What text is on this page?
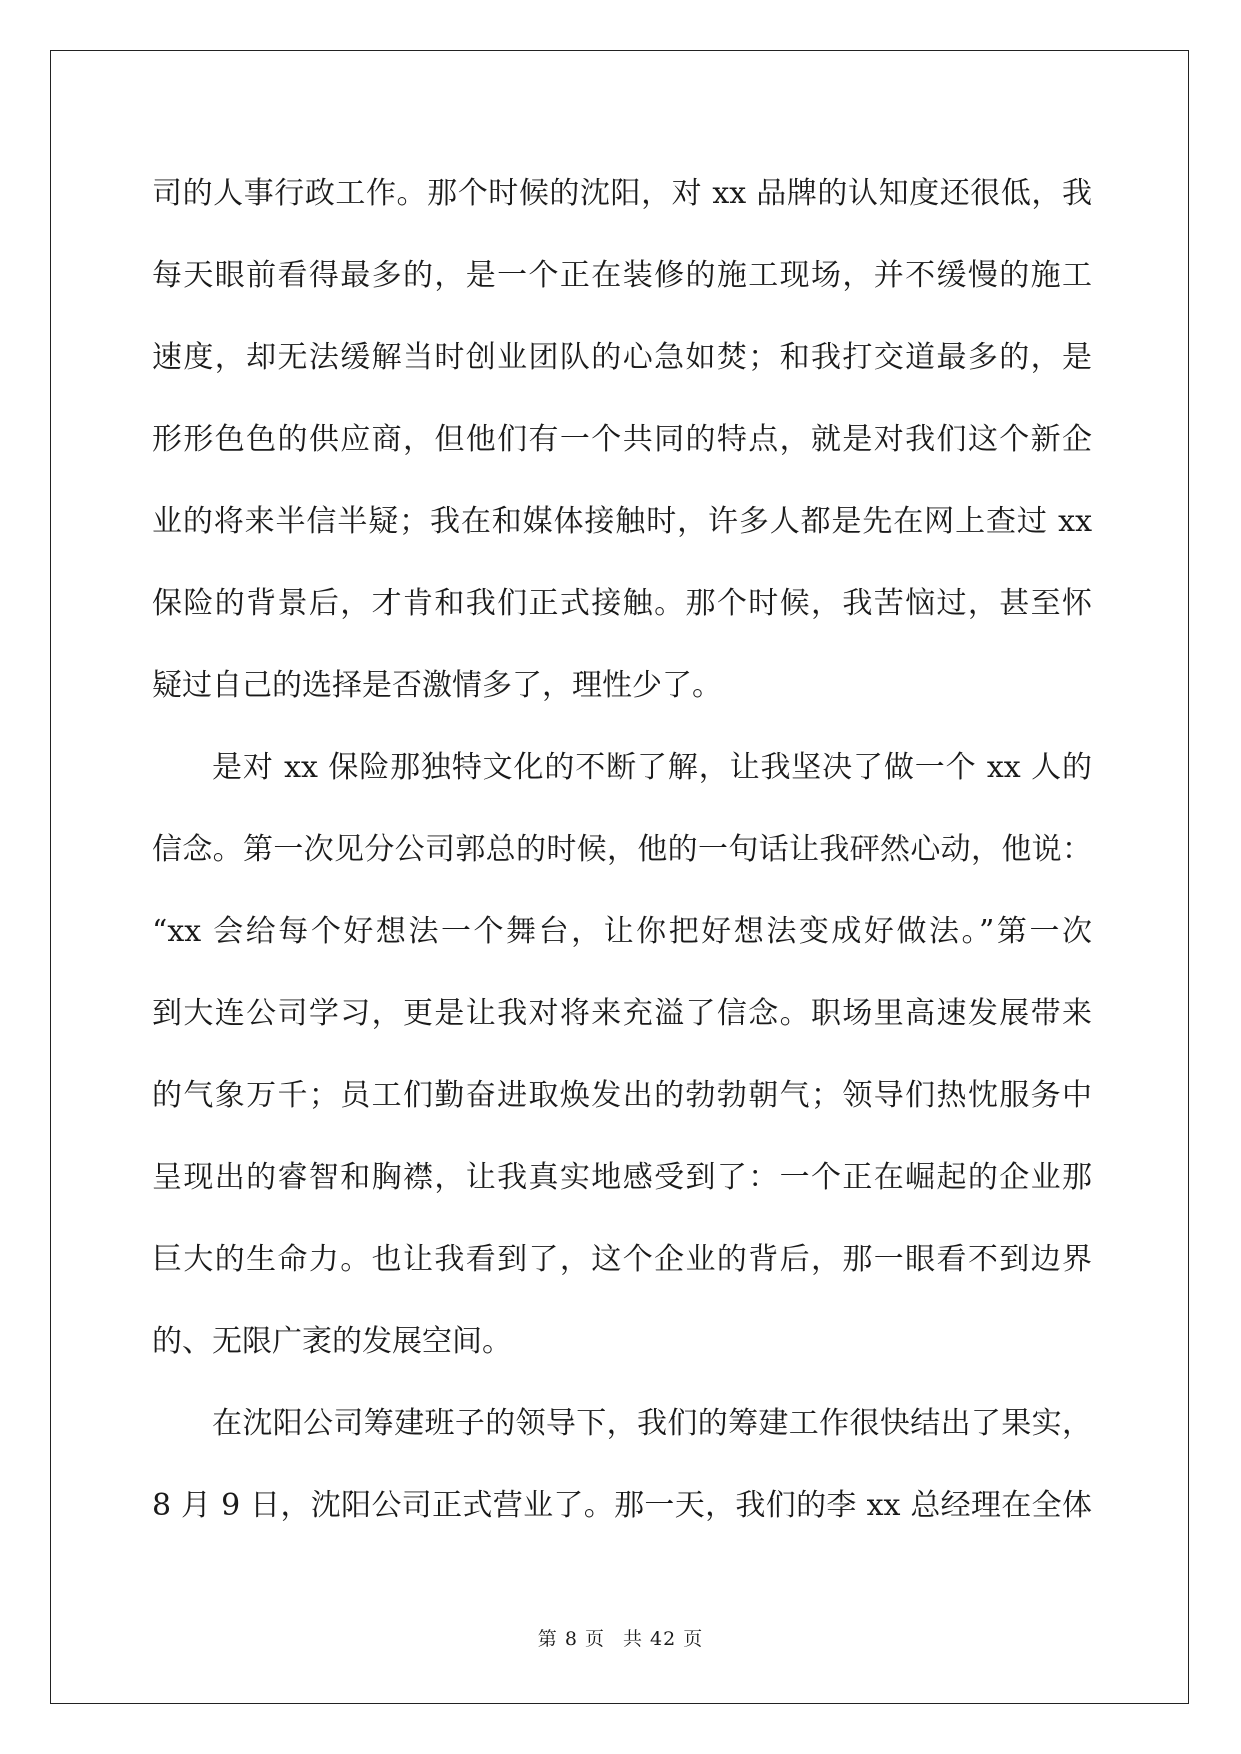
司的人事行政工作。那个时候的沈阳，对 xx 品牌的认知度还很低，我
每天眼前看得最多的，是一个正在装修的施工现场，并不缓慢的施工
速度，却无法缓解当时创业团队的心急如焚；和我打交道最多的，是
形形色色的供应商，但他们有一个共同的特点，就是对我们这个新企
业的将来半信半疑；我在和媒体接触时，许多人都是先在网上查过 xx
保险的背景后，才肯和我们正式接触。那个时候，我苦恼过，甚至怀
疑过自己的选择是否激情多了，理性少了。
是对 xx 保险那独特文化的不断了解，让我坚决了做一个 xx 人的
信念。第一次见分公司郭总的时候，他的一句话让我砰然心动，他说：
“xx 会给每个好想法一个舞台，让你把好想法变成好做法。”第一次
到大连公司学习，更是让我对将来充溢了信念。职场里高速发展带来
的气象万千；员工们勤奋进取焕发出的勃勃朝气；领导们热忱服务中
呈现出的睿智和胸襟，让我真实地感受到了：一个正在崛起的企业那
巨大的生命力。也让我看到了，这个企业的背后，那一眼看不到边界
的、无限广袤的发展空间。
在沈阳公司筹建班子的领导下，我们的筹建工作很快结出了果实，
8 月 9 日，沈阳公司正式营业了。那一天，我们的李 xx 总经理在全体
第 8 页 共 42 页
